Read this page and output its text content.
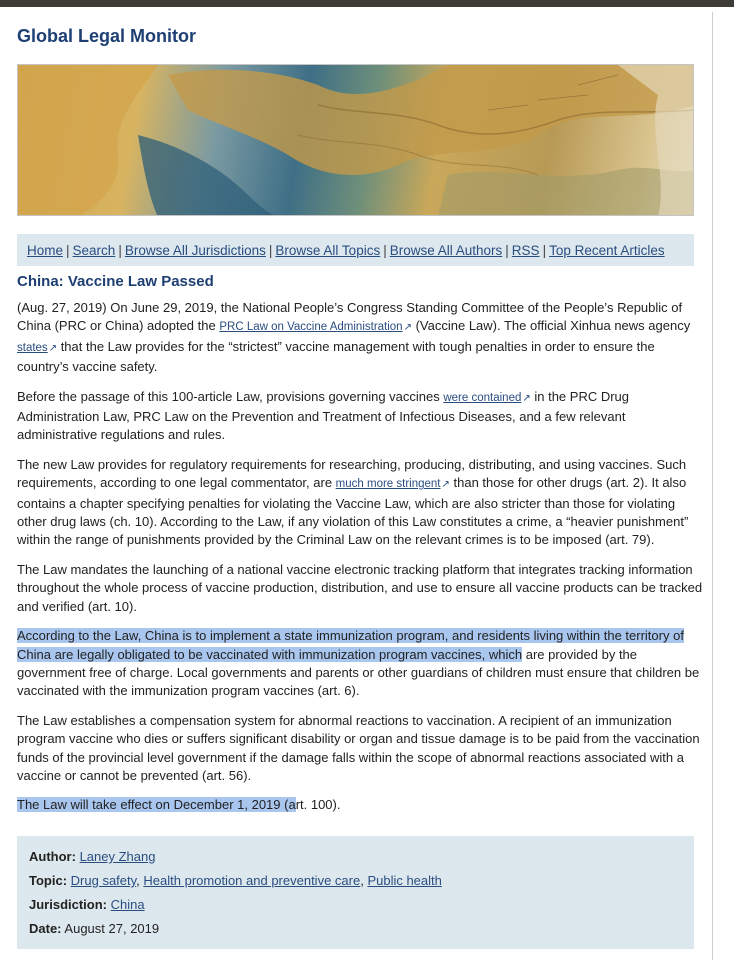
Global Legal Monitor
Home | Search | Browse All Jurisdictions | Browse All Topics | Browse All Authors | RSS | Top Recent Articles
China: Vaccine Law Passed

(Aug. 27, 2019) On June 29, 2019, the National People’s Congress Standing Committee of the People’s Republic of China (PRC or China) adopted the PRC Law on Vaccine Administration↗ (Vaccine Law). The official Xinhua news agency states↗ that the Law provides for the “strictest” vaccine management with tough penalties in order to ensure the country’s vaccine safety.

Before the passage of this 100-article Law, provisions governing vaccines were contained↗ in the PRC Drug Administration Law, PRC Law on the Prevention and Treatment of Infectious Diseases, and a few relevant administrative regulations and rules.

The new Law provides for regulatory requirements for researching, producing, distributing, and using vaccines. Such requirements, according to one legal commentator, are much more stringent↗ than those for other drugs (art. 2). It also contains a chapter specifying penalties for violating the Vaccine Law, which are also stricter than those for violating other drug laws (ch. 10). According to the Law, if any violation of this Law constitutes a crime, a “heavier punishment” within the range of punishments provided by the Criminal Law on the relevant crimes is to be imposed (art. 79).

The Law mandates the launching of a national vaccine electronic tracking platform that integrates tracking information throughout the whole process of vaccine production, distribution, and use to ensure all vaccine products can be tracked and verified (art. 10).

According to the Law, China is to implement a state immunization program, and residents living within the territory of China are legally obligated to be vaccinated with immunization program vaccines, which are provided by the government free of charge. Local governments and parents or other guardians of children must ensure that children be vaccinated with the immunization program vaccines (art. 6).

The Law establishes a compensation system for abnormal reactions to vaccination. A recipient of an immunization program vaccine who dies or suffers significant disability or organ and tissue damage is to be paid from the vaccination funds of the provincial level government if the damage falls within the scope of abnormal reactions associated with a vaccine or cannot be prevented (art. 56).

The Law will take effect on December 1, 2019 (art. 100).

Author: Laney Zhang
Topic: Drug safety, Health promotion and preventive care, Public health
Jurisdiction: China
Date: August 27, 2019
